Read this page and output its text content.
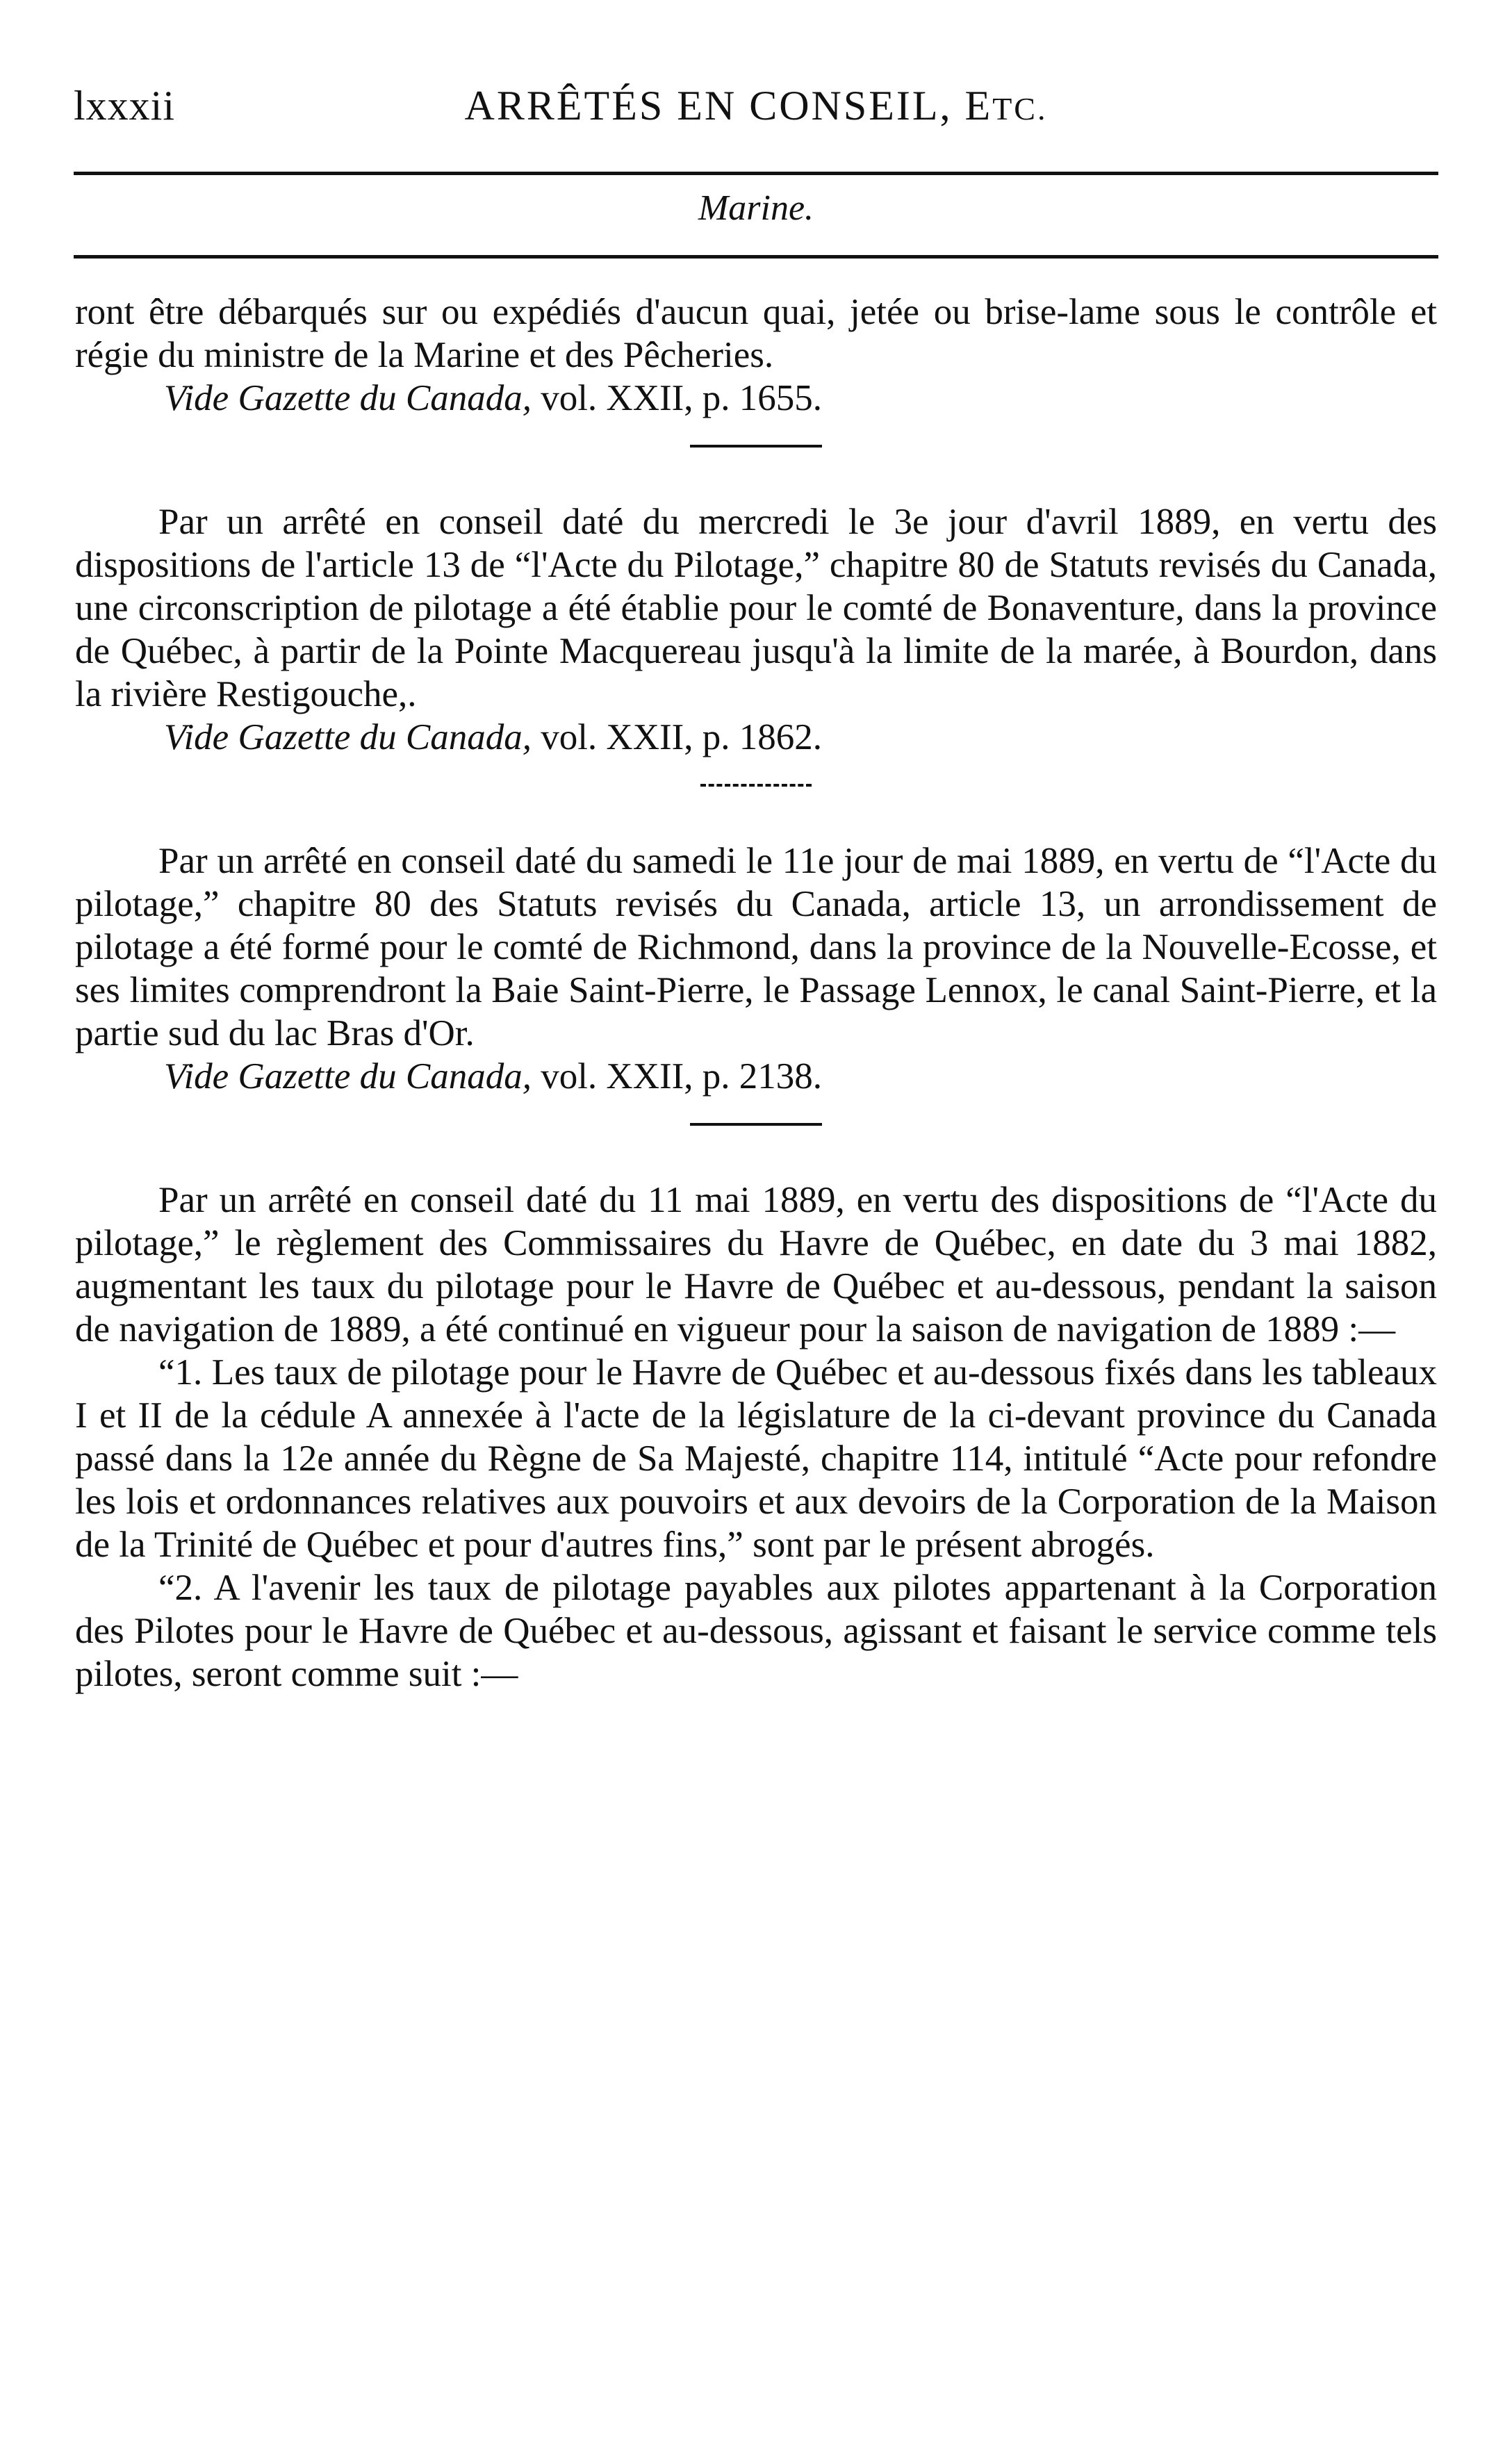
lxxxii	ARRÊTÉS EN CONSEIL, ETC.
Marine.

ront être débarqués sur ou expédiés d'aucun quai, jetée ou brise-lame sous le contrôle et régie du ministre de la Marine et des Pêcheries.

Vide Gazette du Canada, vol. XXII, p. 1655.

Par un arrêté en conseil daté du mercredi le 3e jour d'avril 1889, en vertu des dispositions de l'article 13 de “l'Acte du Pilotage,” chapitre 80 de Statuts revisés du Canada, une circonscription de pilotage a été établie pour le comté de Bonaventure, dans la province de Québec, à partir de la Pointe Macquereau jusqu'à la limite de la marée, à Bourdon, dans la rivière Restigouche,.

Vide Gazette du Canada, vol. XXII, p. 1862.

Par un arrêté en conseil daté du samedi le 11e jour de mai 1889, en vertu de “l'Acte du pilotage,” chapitre 80 des Statuts revisés du Canada, article 13, un arrondissement de pilotage a été formé pour le comté de Richmond, dans la province de la Nouvelle-Ecosse, et ses limites comprendront la Baie Saint-Pierre, le Passage Lennox, le canal Saint-Pierre, et la partie sud du lac Bras d'Or.

Vide Gazette du Canada, vol. XXII, p. 2138.

Par un arrêté en conseil daté du 11 mai 1889, en vertu des dispositions de “l'Acte du pilotage,” le règlement des Commissaires du Havre de Québec, en date du 3 mai 1882, augmentant les taux du pilotage pour le Havre de Québec et au-dessous, pendant la saison de navigation de 1889, a été continué en vigueur pour la saison de navigation de 1889 :—

“1. Les taux de pilotage pour le Havre de Québec et au-dessous fixés dans les tableaux I et II de la cédule A annexée à l'acte de la législature de la ci-devant province du Canada passé dans la 12e année du Règne de Sa Majesté, chapitre 114, intitulé “Acte pour refondre les lois et ordonnances relatives aux pouvoirs et aux devoirs de la Corporation de la Maison de la Trinité de Québec et pour d'autres fins,” sont par le présent abrogés.

“2. A l'avenir les taux de pilotage payables aux pilotes appartenant à la Corporation des Pilotes pour le Havre de Québec et au-dessous, agissant et faisant le service comme tels pilotes, seront comme suit :—
